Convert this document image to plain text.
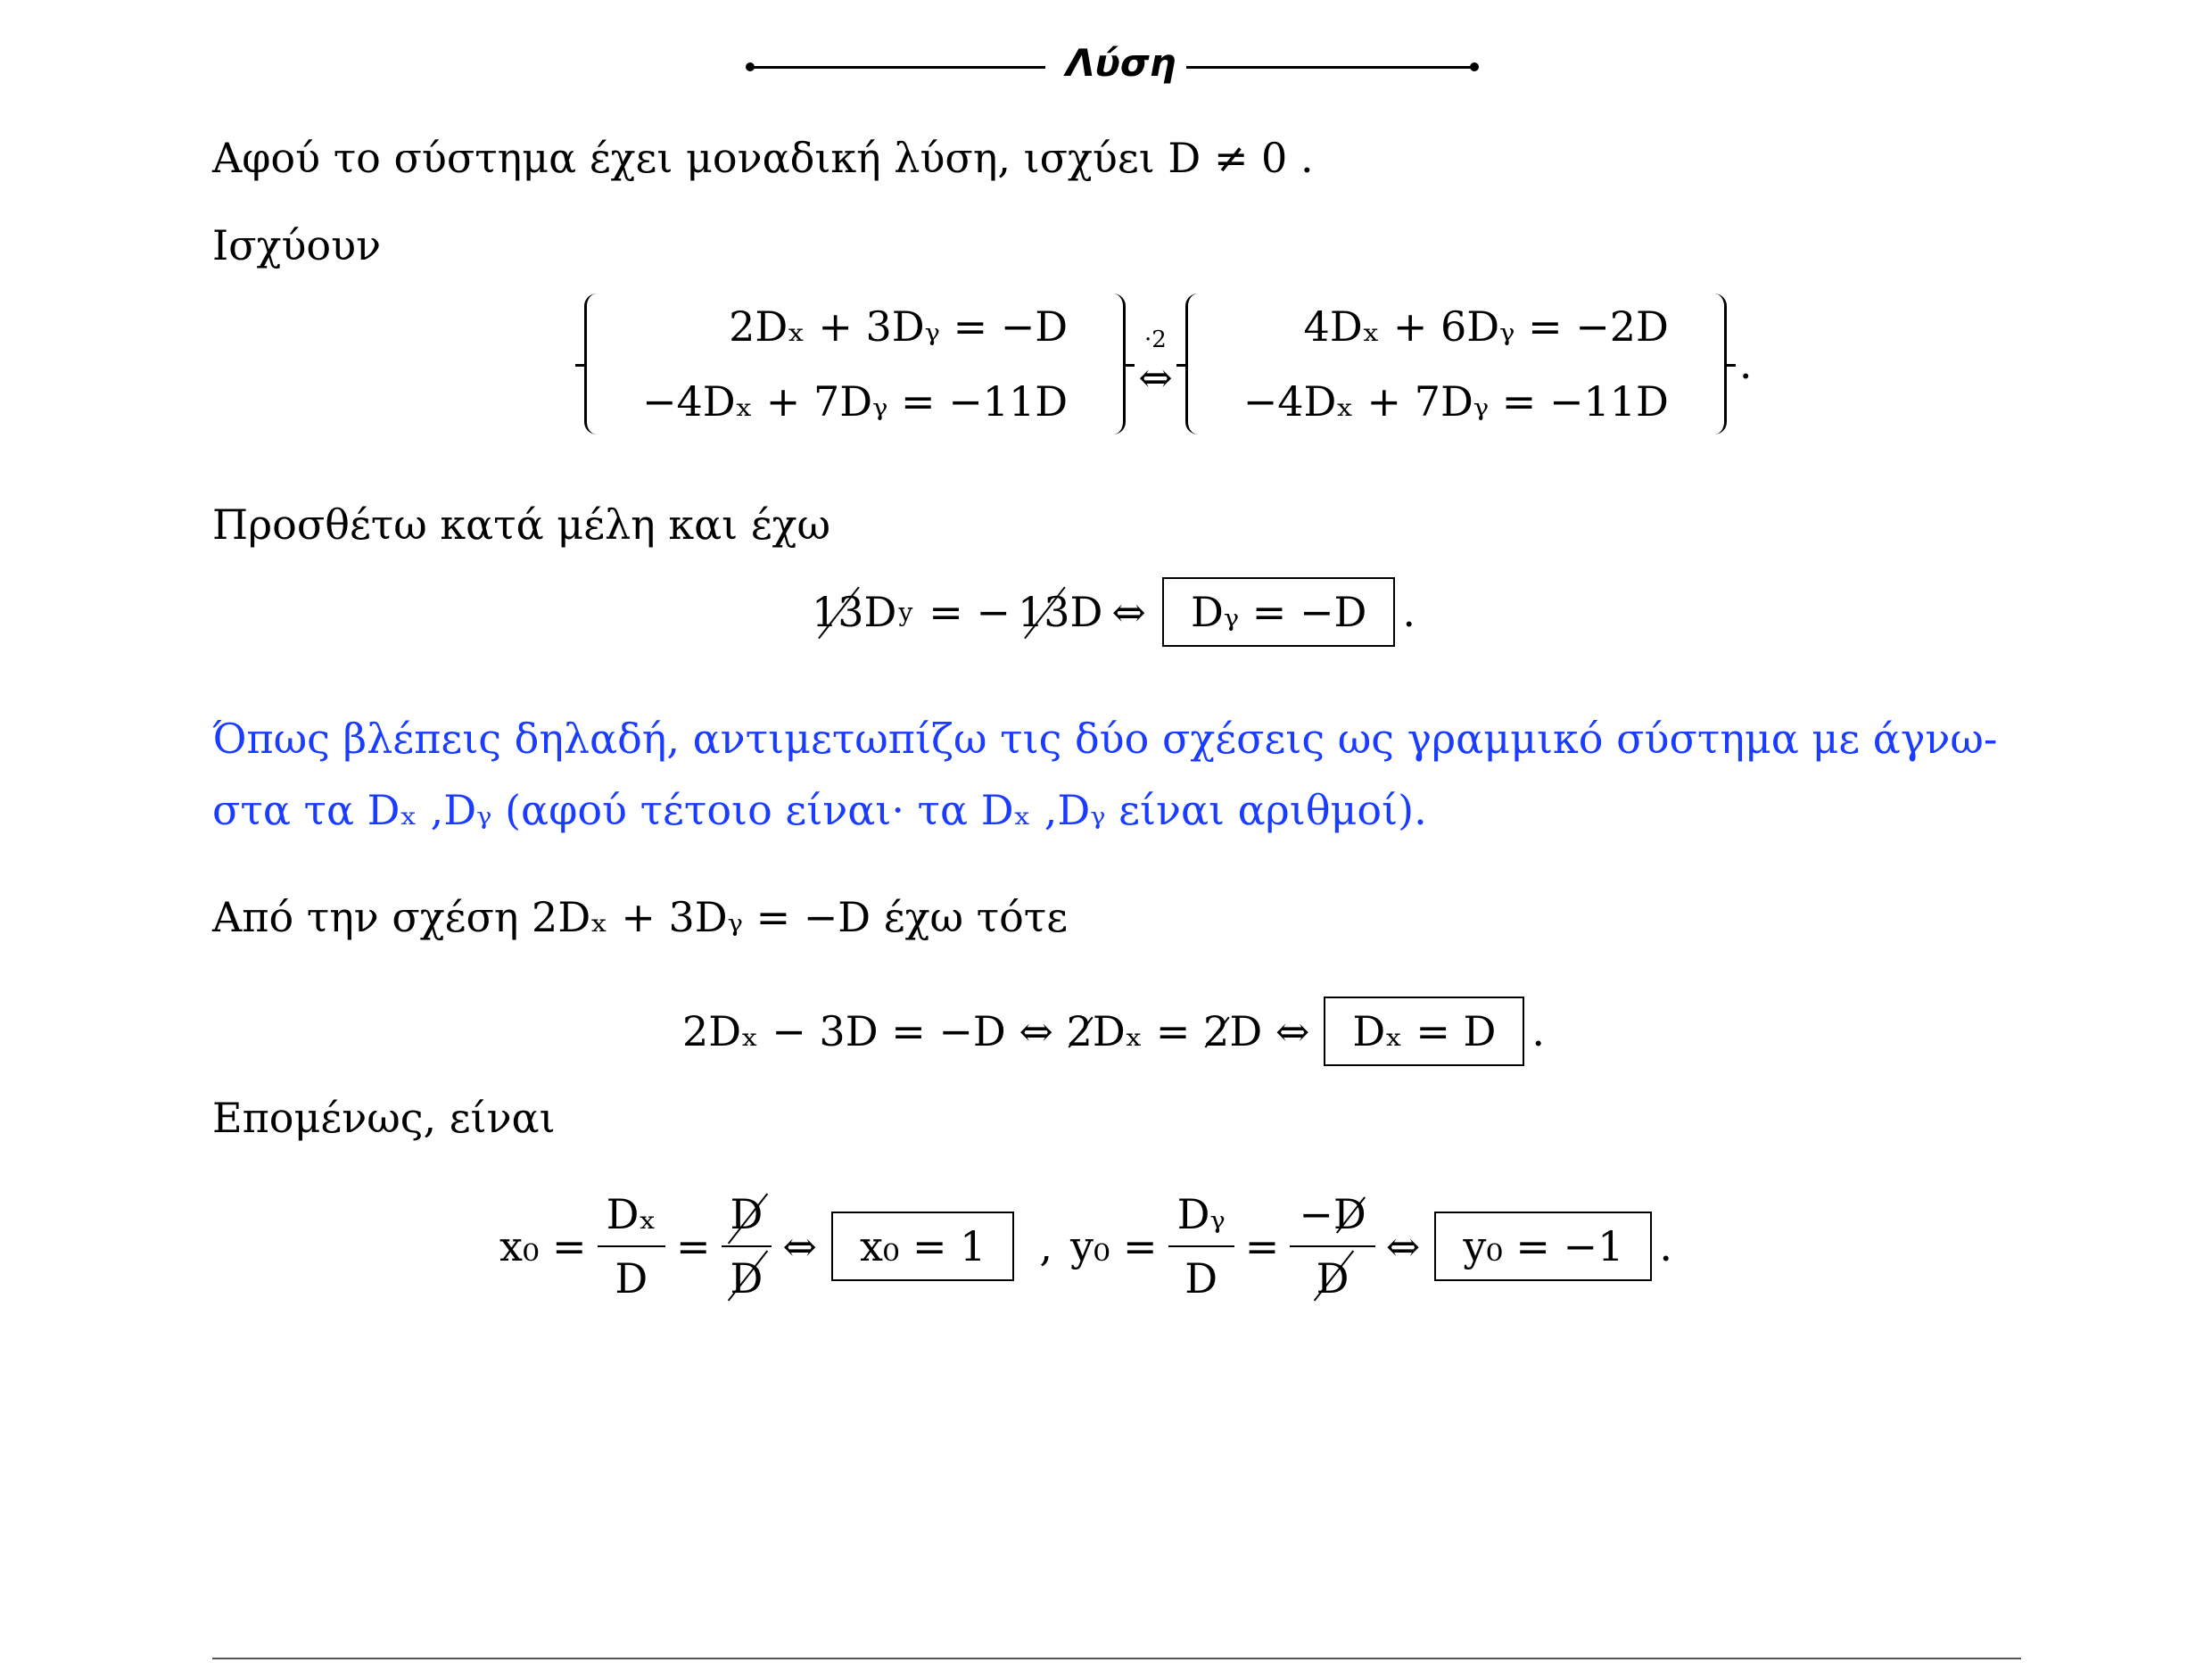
Λύση
Αφού το σύστημα έχει μοναδική λύση, ισχύει D ≠ 0 .
Ισχύουν
2Dₓ + 3Dᵧ = −D
−4Dₓ + 7Dᵧ = −11D
·2
⇔
4Dₓ + 6Dᵧ = −2D
−4Dₓ + 7Dᵧ = −11D
.
Προσθέτω κατά μέλη και έχω
13 D y = − 13 D ⇔	Dᵧ = −D .
Όπως βλέπεις δηλαδή, αντιμετωπίζω τις δύο σχέσεις ως γραμμικό σύστημα με άγνω-
στα τα Dₓ ,Dᵧ (αφού τέτοιο είναι· τα Dₓ ,Dᵧ είναι αριθμοί).
Από την σχέση 2Dₓ + 3Dᵧ = −D έχω τότε
2Dₓ − 3D = −D ⇔ 2 Dₓ = 2 D ⇔	Dₓ = D .
Επομένως, είναι
$x_0 = \frac{\text{Dₓ}}{D} = \frac{D}{D}$ ⇔	x₀ = 1	, $y_0 = \frac{\text{Dᵧ}}{D} = \frac{-D}{D}$ ⇔	y₀ = −1 .
